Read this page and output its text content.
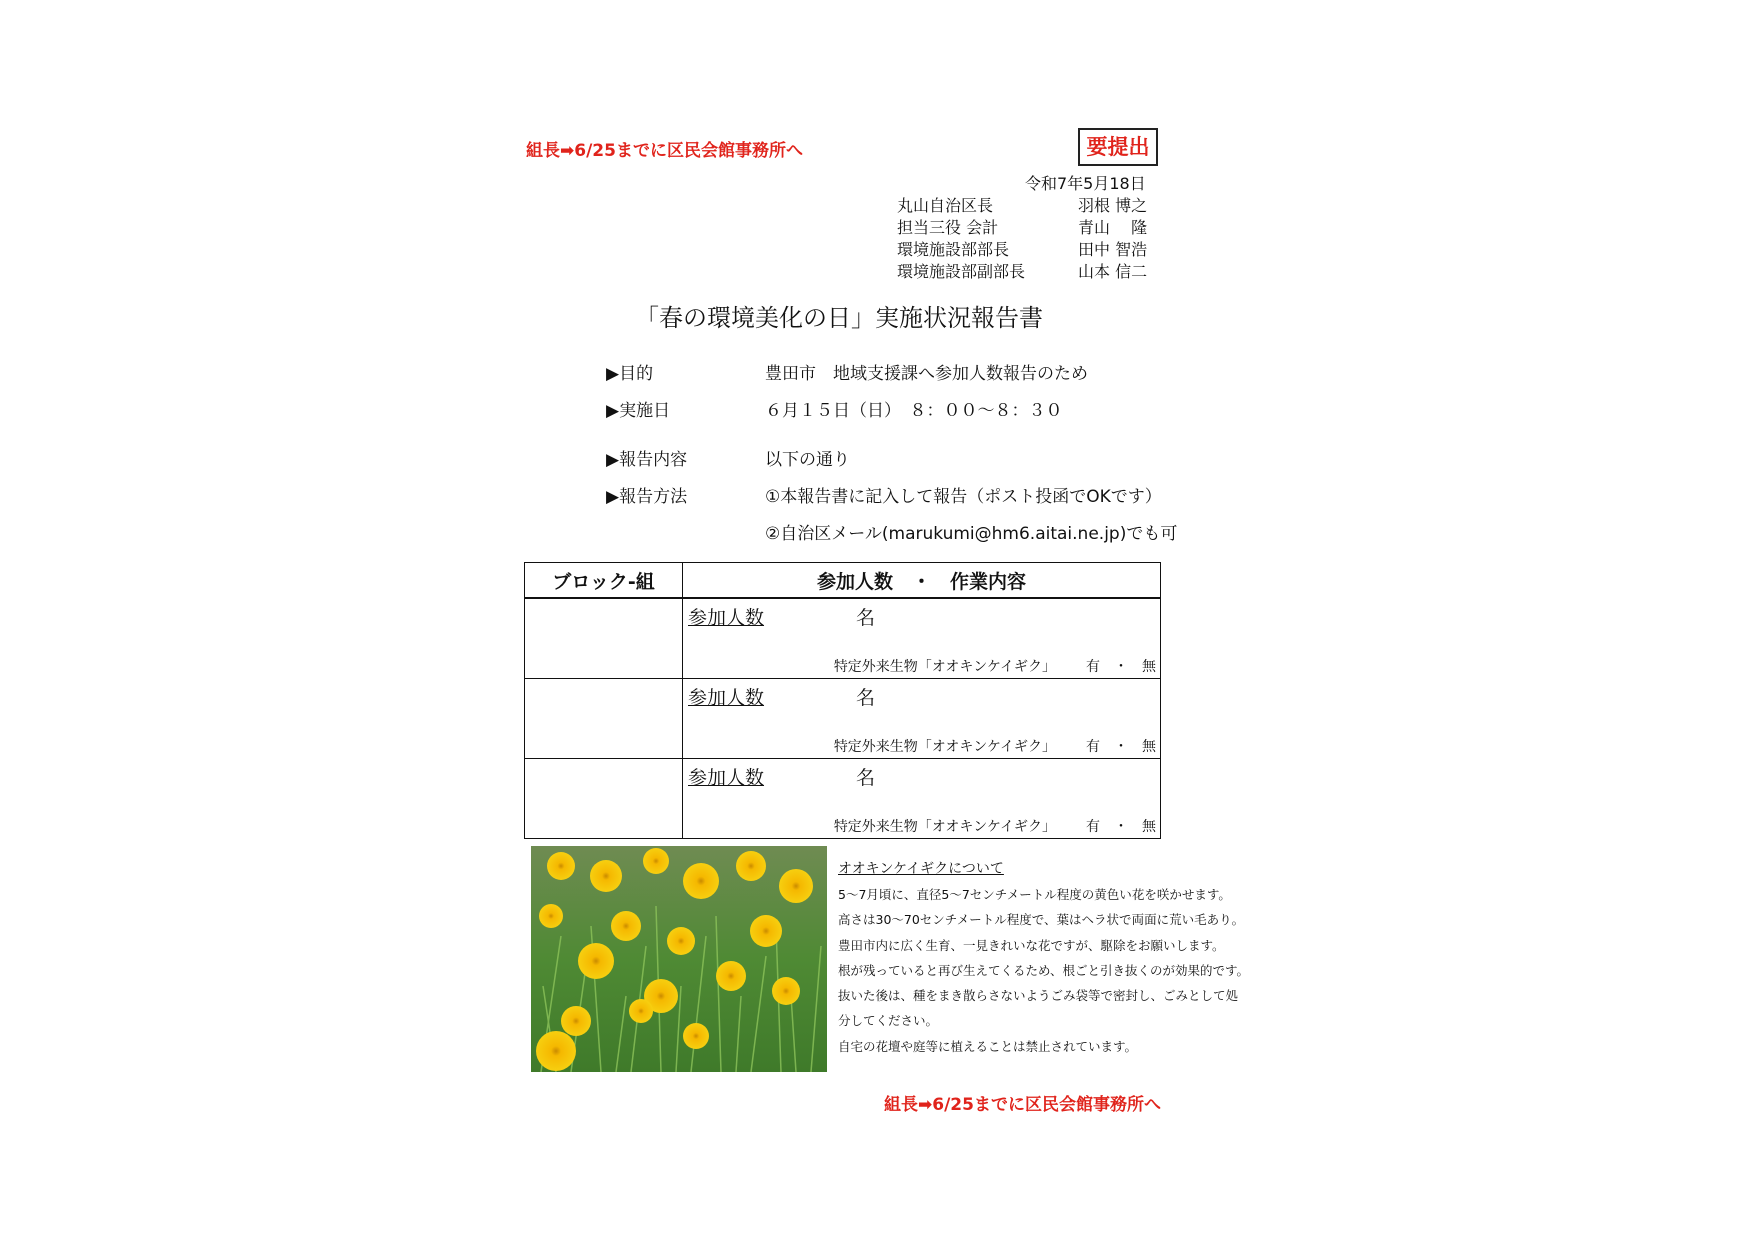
組長➡6/25までに区民会館事務所へ	要提出
令和7年5月18日
丸山自治区長	羽根 博之
担当三役 会計	青山　 隆
環境施設部部長	田中 智浩
環境施設部副部長	山本 信二
「春の環境美化の日」実施状況報告書
▶目的	豊田市　地域支援課へ参加人数報告のため
▶実施日	６月１５日（日）　８：００～８：３０
▶報告内容	以下の通り
▶報告方法	①本報告書に記入して報告（ポスト投函でOKです）
②自治区メール(marukumi@hm6.aitai.ne.jp)でも可
ブロック-組	参加人数　・　作業内容

	参加人数 名
特定外来生物「オオキンケイギク」 有　・　無

	参加人数 名
特定外来生物「オオキンケイギク」 有　・　無

	参加人数 名
特定外来生物「オオキンケイギク」 有　・　無
オオキンケイギクについて
5～7月頃に、直径5～7センチメートル程度の黄色い花を咲かせます。
高さは30～70センチメートル程度で、葉はヘラ状で両面に荒い毛あり。
豊田市内に広く生育、一見きれいな花ですが、駆除をお願いします。
根が残っていると再び生えてくるため、根ごと引き抜くのが効果的です。
抜いた後は、種をまき散らさないようごみ袋等で密封し、ごみとして処
分してください。
自宅の花壇や庭等に植えることは禁止されています。
組長➡6/25までに区民会館事務所へ
